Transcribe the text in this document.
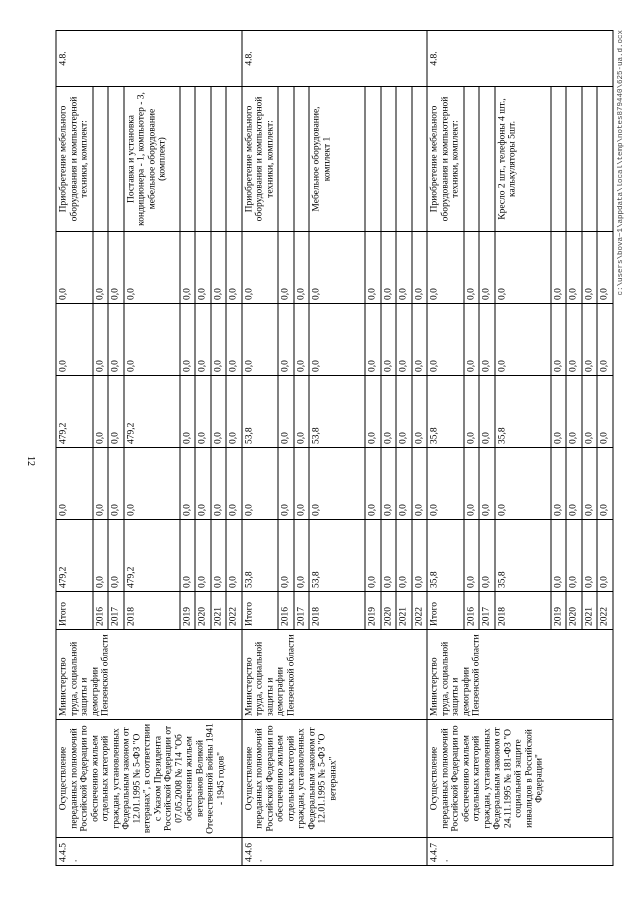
12
c:\users\bova~1\appdata\local\temp\notes879440\625-ua.d.ocx
4.4.5.	Осуществление переданных полномочий Российской Федерации по обеспечению жильем отдельных категорий граждан, установленных Федеральным законом от 12.01.1995 № 5-ФЗ "О ветеранах", в соответствии с Указом Президента Российской Федерации от 07.05.2008 № 714 "Об обеспечении жильем ветеранов Великой Отечественной войны 1941 - 1945 годов"	Министерство труда, социальной защиты и демографии Пензенской области	Итого	479,2	0,0	479,2	0,0	0,0	Приобретение мебельного оборудования и компьютерной техники, комплект:	4.8.
			2016	0,0	0,0	0,0	0,0	0,0		
			2017	0,0	0,0	0,0	0,0	0,0		
			2018	479,2	0,0	479,2	0,0	0,0	Поставка и установка кондиционера - 1, компьютер - 3, мебельное оборудование (комплект)	
			2019	0,0	0,0	0,0	0,0	0,0		
			2020	0,0	0,0	0,0	0,0	0,0		
			2021	0,0	0,0	0,0	0,0	0,0		
			2022	0,0	0,0	0,0	0,0	0,0		
4.4.6.	Осуществление переданных полномочий Российской Федерации по обеспечению жильем отдельных категорий граждан, установленных Федеральным законом от 12.01.1995 № 5-ФЗ "О ветеранах"	Министерство труда, социальной защиты и демографии Пензенской области	Итого	53,8	0,0	53,8	0,0	0,0	Приобретение мебельного оборудования и компьютерной техники, комплект:	4.8.
			2016	0,0	0,0	0,0	0,0	0,0		
			2017	0,0	0,0	0,0	0,0	0,0		
			2018	53,8	0,0	53,8	0,0	0,0	Мебельное оборудование, комплект 1	
			2019	0,0	0,0	0,0	0,0	0,0		
			2020	0,0	0,0	0,0	0,0	0,0		
			2021	0,0	0,0	0,0	0,0	0,0		
			2022	0,0	0,0	0,0	0,0	0,0		
4.4.7.	Осуществление переданных полномочий Российской Федерации по обеспечению жильем отдельных категорий граждан, установленных Федеральным законом от 24.11.1995 № 181-ФЗ "О социальной защите инвалидов в Российской Федерации"	Министерство труда, социальной защиты и демографии Пензенской области	Итого	35,8	0,0	35,8	0,0	0,0	Приобретение мебельного оборудования и компьютерной техники, комплект:	4.8.
			2016	0,0	0,0	0,0	0,0	0,0		
			2017	0,0	0,0	0,0	0,0	0,0		
			2018	35,8	0,0	35,8	0,0	0,0	Кресло 2 шт., телефоны 4 шт., калькуляторы 5шт.	
			2019	0,0	0,0	0,0	0,0	0,0		
			2020	0,0	0,0	0,0	0,0	0,0		
			2021	0,0	0,0	0,0	0,0	0,0		
			2022	0,0	0,0	0,0	0,0	0,0		
